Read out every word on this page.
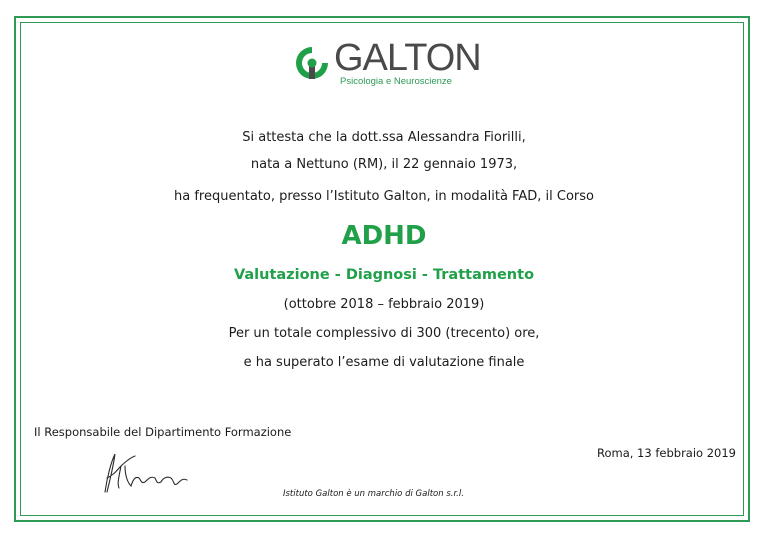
GALTON
Psicologia e Neuroscienze
Si attesta che la dott.ssa Alessandra Fiorilli,
nata a Nettuno (RM), il 22 gennaio 1973,
ha frequentato, presso l’Istituto Galton, in modalità FAD, il Corso
ADHD
Valutazione - Diagnosi - Trattamento
(ottobre 2018 – febbraio 2019)
Per un totale complessivo di 300 (trecento) ore,
e ha superato l’esame di valutazione finale
Il Responsabile del Dipartimento Formazione
Roma, 13 febbraio 2019
Istituto Galton è un marchio di Galton s.r.l.
